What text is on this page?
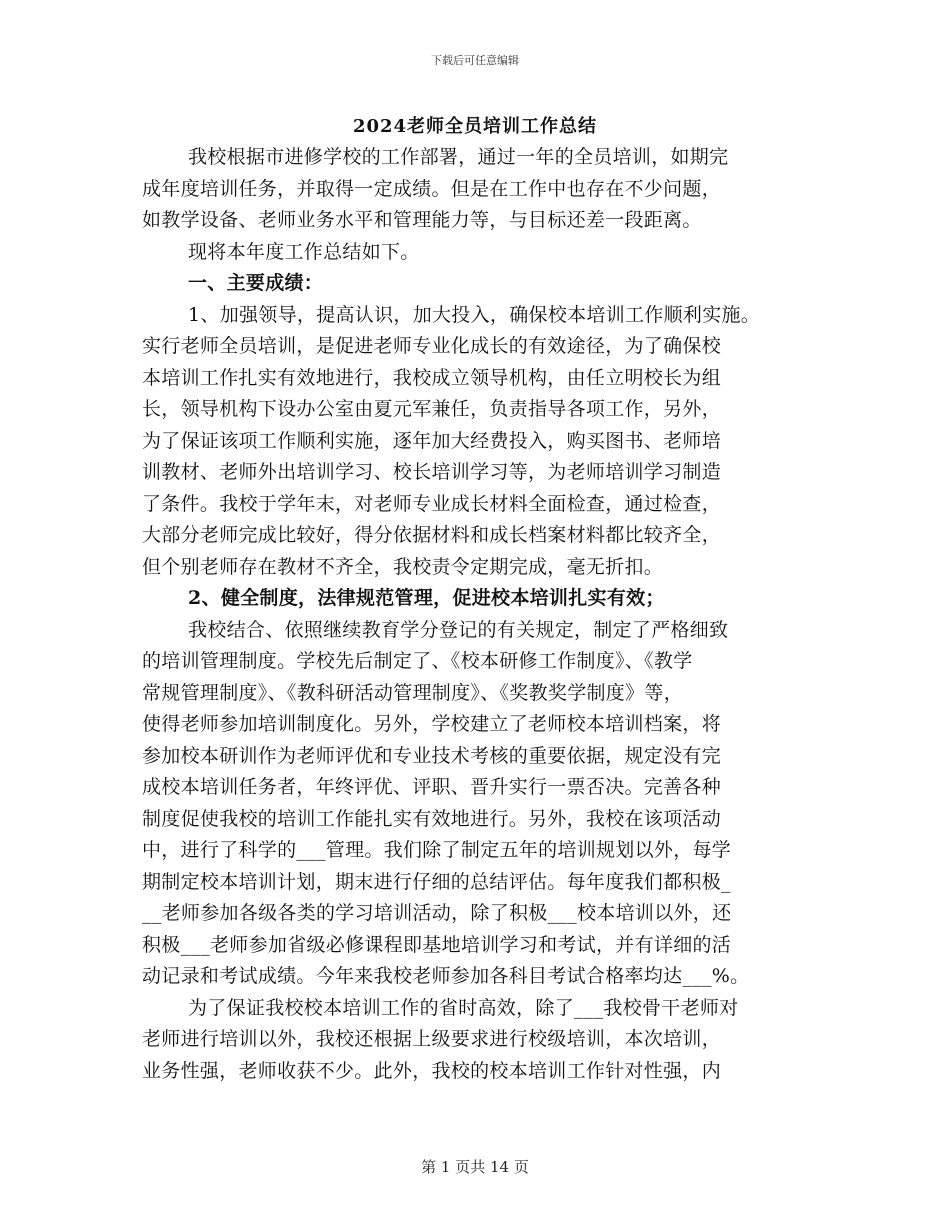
下载后可任意编辑
2024老师全员培训工作总结
我校根据市进修学校的工作部署，通过一年的全员培训，如期完
成年度培训任务，并取得一定成绩。但是在工作中也存在不少问题，
如教学设备、老师业务水平和管理能力等，与目标还差一段距离。
现将本年度工作总结如下。
一、主要成绩：
1、加强领导，提高认识，加大投入，确保校本培训工作顺利实施。
实行老师全员培训，是促进老师专业化成长的有效途径，为了确保校
本培训工作扎实有效地进行，我校成立领导机构，由任立明校长为组
长，领导机构下设办公室由夏元军兼任，负责指导各项工作，另外，
为了保证该项工作顺利实施，逐年加大经费投入，购买图书、老师培
训教材、老师外出培训学习、校长培训学习等，为老师培训学习制造
了条件。我校于学年末，对老师专业成长材料全面检查，通过检查，
大部分老师完成比较好，得分依据材料和成长档案材料都比较齐全，
但个别老师存在教材不齐全，我校责令定期完成，毫无折扣。
2、健全制度，法律规范管理，促进校本培训扎实有效；
我校结合、依照继续教育学分登记的有关规定，制定了严格细致
的培训管理制度。学校先后制定了、《校本研修工作制度》、《教学
常规管理制度》、《教科研活动管理制度》、《奖教奖学制度》等，
使得老师参加培训制度化。另外，学校建立了老师校本培训档案，将
参加校本研训作为老师评优和专业技术考核的重要依据，规定没有完
成校本培训任务者，年终评优、评职、晋升实行一票否决。完善各种
制度促使我校的培训工作能扎实有效地进行。另外，我校在该项活动
中，进行了科学的___管理。我们除了制定五年的培训规划以外，每学
期制定校本培训计划，期末进行仔细的总结评估。每年度我们都积极_
__老师参加各级各类的学习培训活动，除了积极___校本培训以外，还
积极___老师参加省级必修课程即基地培训学习和考试，并有详细的活
动记录和考试成绩。今年来我校老师参加各科目考试合格率均达___%。
为了保证我校校本培训工作的省时高效，除了___我校骨干老师对
老师进行培训以外，我校还根据上级要求进行校级培训，本次培训，
业务性强，老师收获不少。此外，我校的校本培训工作针对性强，内
第 1 页共 14 页
